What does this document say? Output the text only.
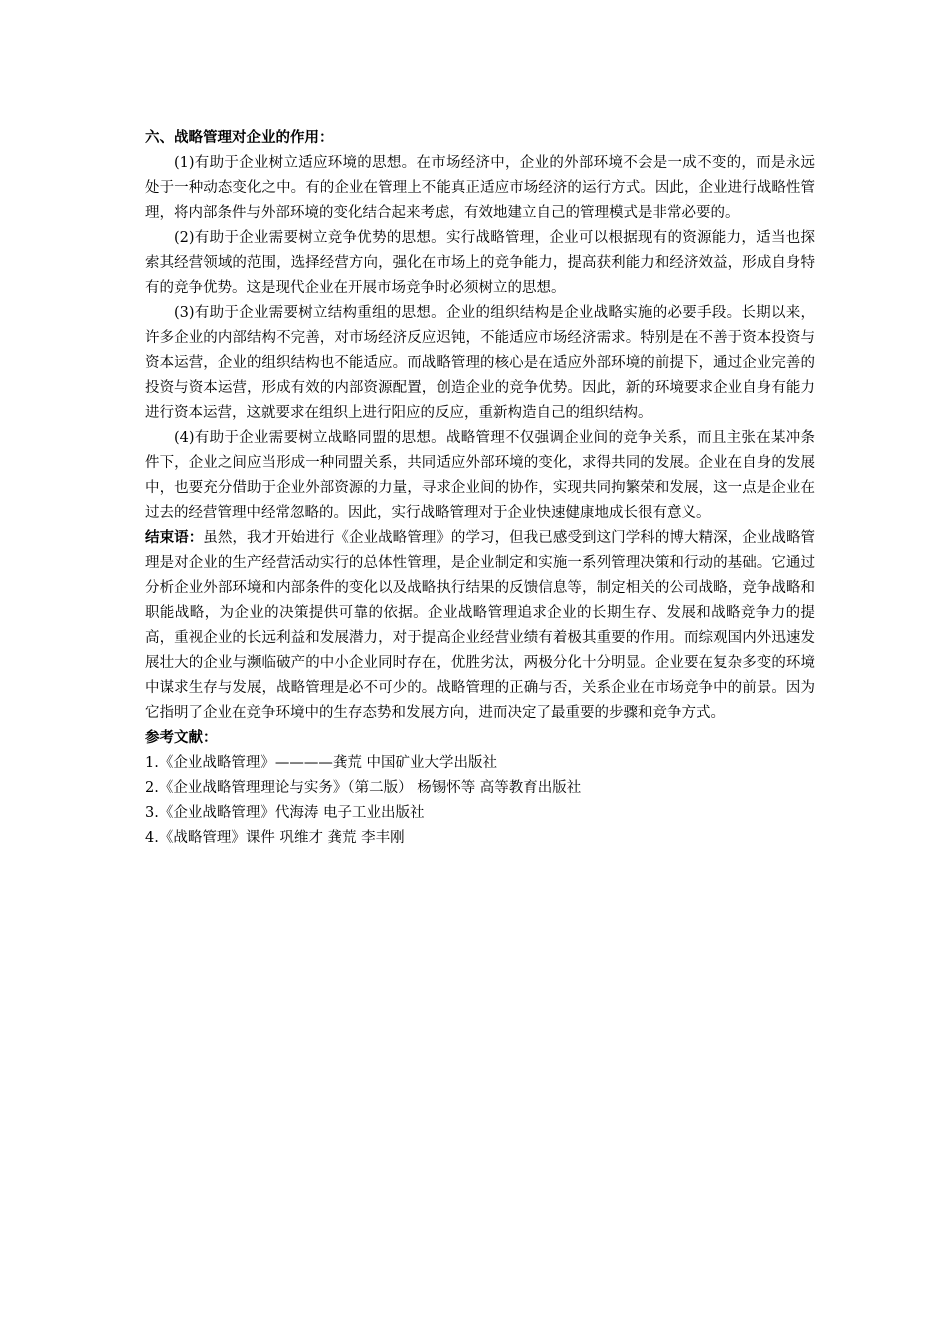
六、战略管理对企业的作用：

(1)有助于企业树立适应环境的思想。在市场经济中，企业的外部环境不会是一成不变的，而是永远处于一种动态变化之中。有的企业在管理上不能真正适应市场经济的运行方式。因此，企业进行战略性管理，将内部条件与外部环境的变化结合起来考虑，有效地建立自己的管理模式是非常必要的。

(2)有助于企业需要树立竞争优势的思想。实行战略管理，企业可以根据现有的资源能力，适当也探索其经营领域的范围，选择经营方向，强化在市场上的竞争能力，提高获利能力和经济效益，形成自身特有的竞争优势。这是现代企业在开展市场竞争时必须树立的思想。

(3)有助于企业需要树立结构重组的思想。企业的组织结构是企业战略实施的必要手段。长期以来，许多企业的内部结构不完善，对市场经济反应迟钝，不能适应市场经济需求。特别是在不善于资本投资与资本运营，企业的组织结构也不能适应。而战略管理的核心是在适应外部环境的前提下，通过企业完善的投资与资本运营，形成有效的内部资源配置，创造企业的竞争优势。因此，新的环境要求企业自身有能力进行资本运营，这就要求在组织上进行阳应的反应，重新构造自己的组织结构。

(4)有助于企业需要树立战略同盟的思想。战略管理不仅强调企业间的竞争关系，而且主张在某冲条件下，企业之间应当形成一种同盟关系，共同适应外部环境的变化，求得共同的发展。企业在自身的发展中，也要充分借助于企业外部资源的力量，寻求企业间的协作，实现共同拘繁荣和发展，这一点是企业在过去的经营管理中经常忽略的。因此，实行战略管理对于企业快速健康地成长很有意义。

结束语：虽然，我才开始进行《企业战略管理》的学习，但我已感受到这门学科的博大精深，企业战略管理是对企业的生产经营活动实行的总体性管理，是企业制定和实施一系列管理决策和行动的基础。它通过分析企业外部环境和内部条件的变化以及战略执行结果的反馈信息等，制定相关的公司战略，竞争战略和职能战略，为企业的决策提供可靠的依据。企业战略管理追求企业的长期生存、发展和战略竞争力的提高，重视企业的长远利益和发展潜力，对于提高企业经营业绩有着极其重要的作用。而综观国内外迅速发展壮大的企业与濒临破产的中小企业同时存在，优胜劣汰，两极分化十分明显。企业要在复杂多变的环境中谋求生存与发展，战略管理是必不可少的。战略管理的正确与否，关系企业在市场竞争中的前景。因为它指明了企业在竞争环境中的生存态势和发展方向，进而决定了最重要的步骤和竞争方式。

参考文献：

1.《企业战略管理》————龚荒 中国矿业大学出版社
2.《企业战略管理理论与实务》（第二版） 杨锡怀等 高等教育出版社
3.《企业战略管理》代海涛 电子工业出版社
4.《战略管理》课件 巩维才 龚荒 李丰刚
